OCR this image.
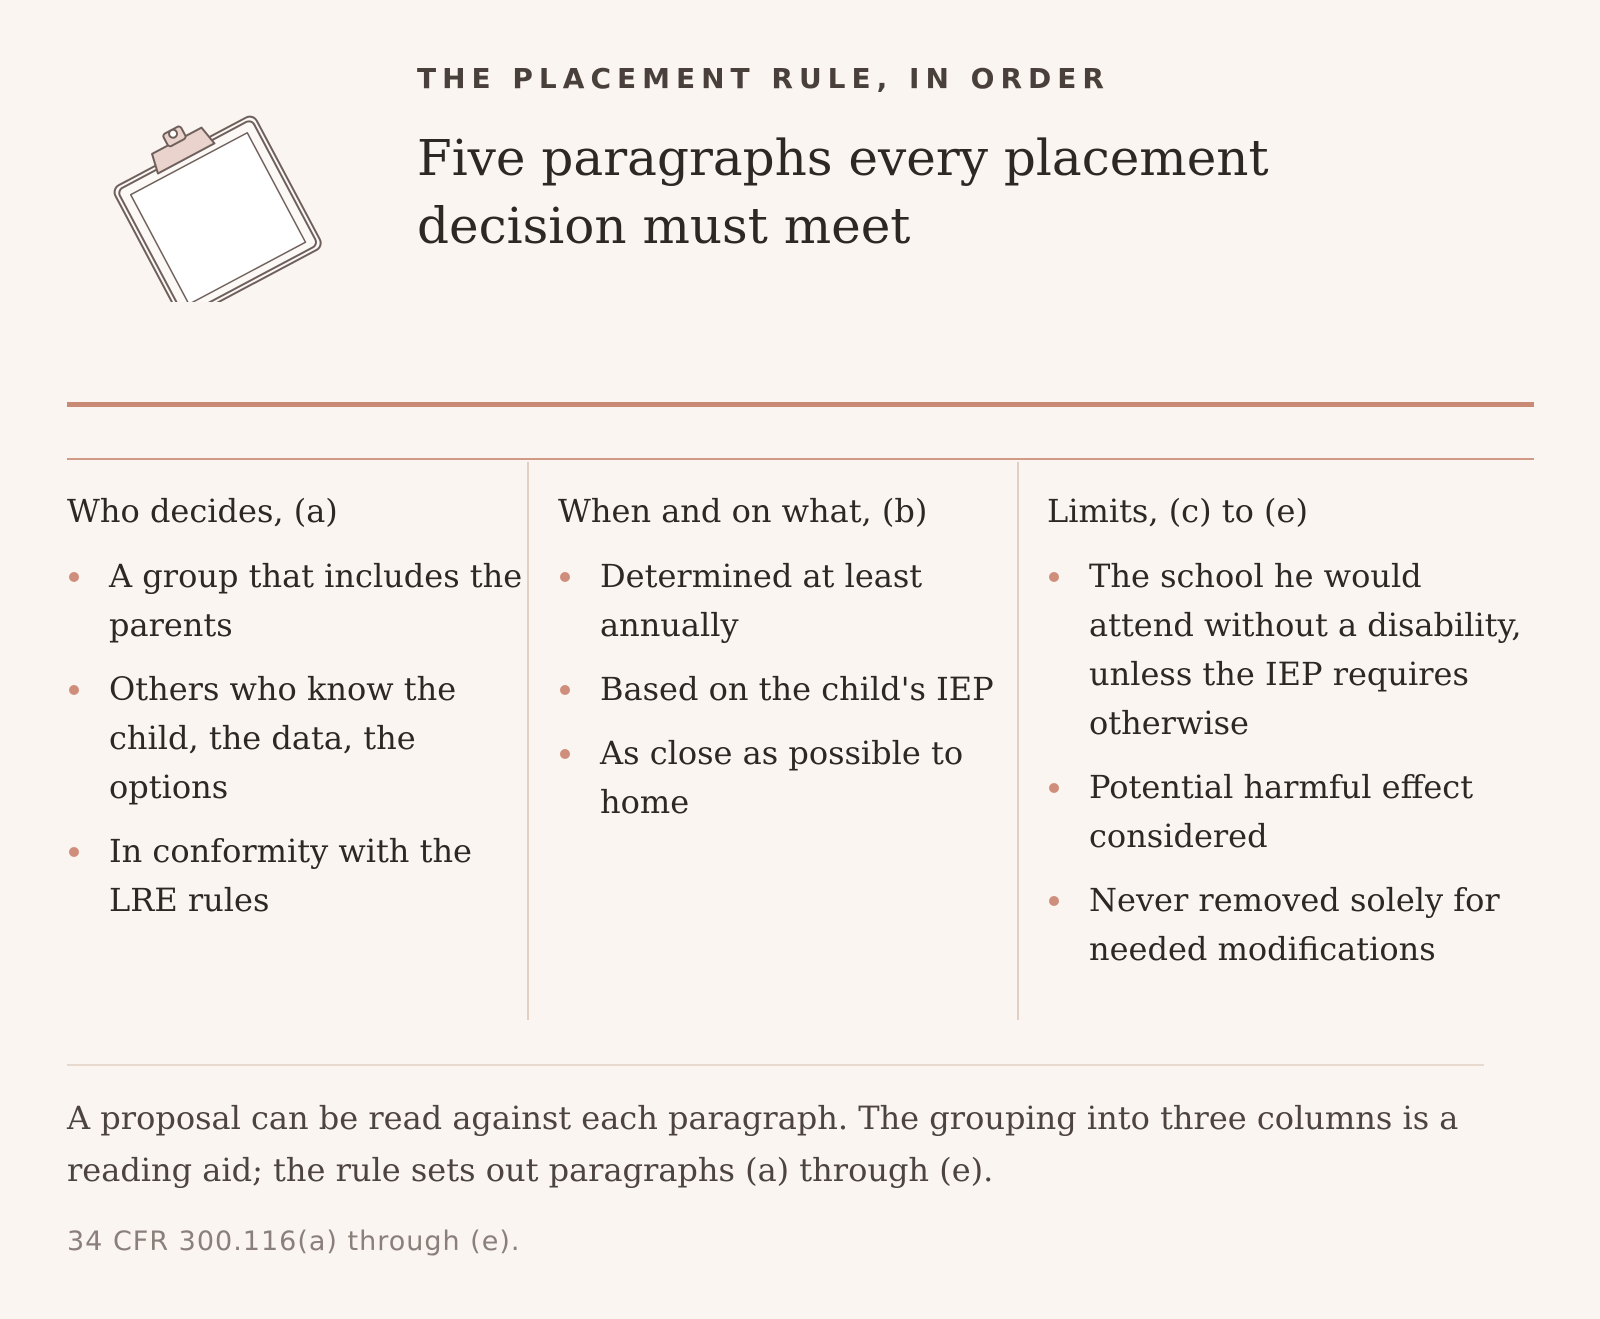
THE PLACEMENT RULE, IN ORDER
Five paragraphs every placement decision must meet
Who decides, (a)
A group that includes the parents
Others who know the child, the data, the options
In conformity with the LRE rules
When and on what, (b)
Determined at least annually
Based on the child's IEP
As close as possible to home
Limits, (c) to (e)
The school he would attend without a disability, unless the IEP requires otherwise
Potential harmful effect considered
Never removed solely for needed modifications

A proposal can be read against each paragraph. The grouping into three columns is a reading aid; the rule sets out paragraphs (a) through (e).

34 CFR 300.116(a) through (e).
